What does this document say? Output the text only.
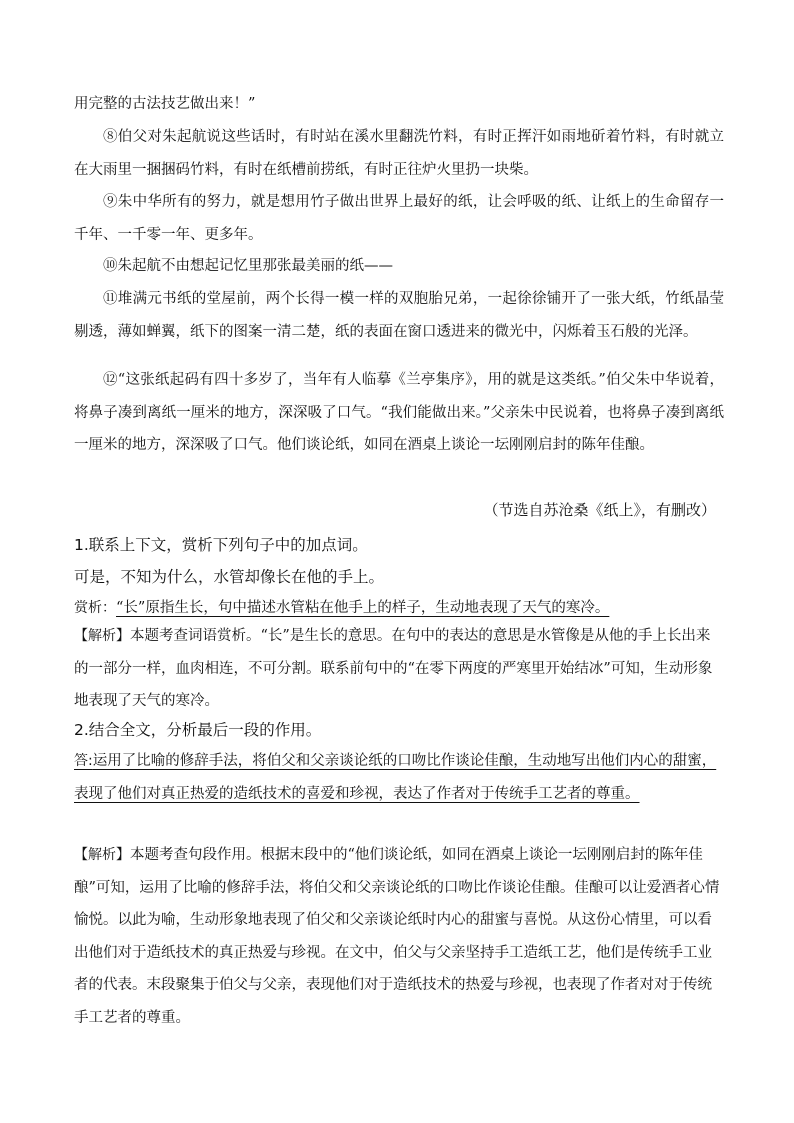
用完整的古法技艺做出来！”

⑧伯父对朱起航说这些话时，有时站在溪水里翻洗竹料，有时正挥汗如雨地斫着竹料，有时就立在大雨里一捆捆码竹料，有时在纸槽前捞纸，有时正往炉火里扔一块柴。

⑨朱中华所有的努力，就是想用竹子做出世界上最好的纸，让会呼吸的纸、让纸上的生命留存一千年、一千零一年、更多年。

⑩朱起航不由想起记忆里那张最美丽的纸——

⑪堆满元书纸的堂屋前，两个长得一模一样的双胞胎兄弟，一起徐徐铺开了一张大纸，竹纸晶莹剔透，薄如蝉翼，纸下的图案一清二楚，纸的表面在窗口透进来的微光中，闪烁着玉石般的光泽。

⑫“这张纸起码有四十多岁了，当年有人临摹《兰亭集序》，用的就是这类纸。”伯父朱中华说着，将鼻子凑到离纸一厘米的地方，深深吸了口气。“我们能做出来。”父亲朱中民说着，也将鼻子凑到离纸一厘米的地方，深深吸了口气。他们谈论纸，如同在酒桌上谈论一坛刚刚启封的陈年佳酿。

（节选自苏沧桑《纸上》，有删改）

1.联系上下文，赏析下列句子中的加点词。

可是，不知为什么，水管却像长在他的手上。

赏析：“长”原指生长，句中描述水管粘在他手上的样子，生动地表现了天气的寒冷。

【解析】本题考查词语赏析。“长”是生长的意思。在句中的表达的意思是水管像是从他的手上长出来的一部分一样，血肉相连，不可分割。联系前句中的“在零下两度的严寒里开始结冰”可知，生动形象地表现了天气的寒冷。

2.结合全文，分析最后一段的作用。

答:运用了比喻的修辞手法，将伯父和父亲谈论纸的口吻比作谈论佳酿，生动地写出他们内心的甜蜜，表现了他们对真正热爱的造纸技术的喜爱和珍视，表达了作者对于传统手工艺者的尊重。

【解析】本题考查句段作用。根据末段中的“他们谈论纸，如同在酒桌上谈论一坛刚刚启封的陈年佳酿”可知，运用了比喻的修辞手法，将伯父和父亲谈论纸的口吻比作谈论佳酿。佳酿可以让爱酒者心情愉悦。以此为喻，生动形象地表现了伯父和父亲谈论纸时内心的甜蜜与喜悦。从这份心情里，可以看出他们对于造纸技术的真正热爱与珍视。在文中，伯父与父亲坚持手工造纸工艺，他们是传统手工业者的代表。末段聚集于伯父与父亲，表现他们对于造纸技术的热爱与珍视，也表现了作者对对于传统手工艺者的尊重。
